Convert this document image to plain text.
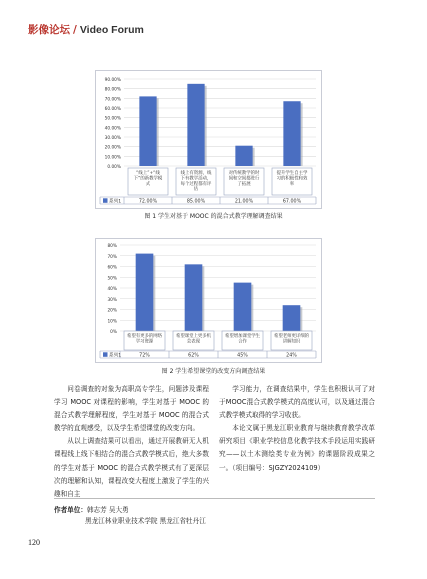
影像论坛 / Video Forum
0.00%
10.00%
20.00%
30.00%
40.00%
50.00%
60.00%
70.00%
80.00%
90.00%
“线上”+“线
下”的新教学模
式
线上有资源，线
下有教学活动，
每个过程都有评
估
对传统教学的时
间和空间都进行
了拓展
提升学生自主学
习的积极性和效
率
系列1	72.00%	85.00%	21.00%	67.00%
图 1 学生对基于 MOOC 的混合式教学理解调查结果
0%
10%
20%
30%
40%
50%
60%
70%
80%
希望有更多的网络
学习资源
希望课堂上更多机
会表现
希望增加课堂学生
合作
希望老师更详细的
讲解知识
系列1	72%	62%	45%	24%
图 2 学生希望课堂的改变方向调查结果

问卷调查的对象为高职高专学生，问题涉及课程学习 MOOC 对课程的影响，学生对基于 MOOC 的混合式教学理解程度，学生对基于 MOOC 的混合式教学的直观感受，以及学生希望课堂的改变方向。

从以上调查结果可以看出，通过开展教研无人机课程线上线下相结合的混合式教学模式后，绝大多数的学生对基于 MOOC 的混合式教学模式有了更深层次的理解和认知，课程改变大程度上激发了学生的兴趣和自主

学习能力，在调查结果中，学生也积极认可了对于MOOC混合式教学模式的高度认可，以及通过混合式教学模式取得的学习收获。

本论文属于黑龙江职业教育与继续教育教学改革研究项目《职业学校信息化教学技术手段运用实践研究——以土木测绘类专业为例》的课题阶段成果之一。（项目编号：SJGZY2024109）

作者单位：韩志芳 吴大勇
黑龙江林业职业技术学院 黑龙江省牡丹江
120
